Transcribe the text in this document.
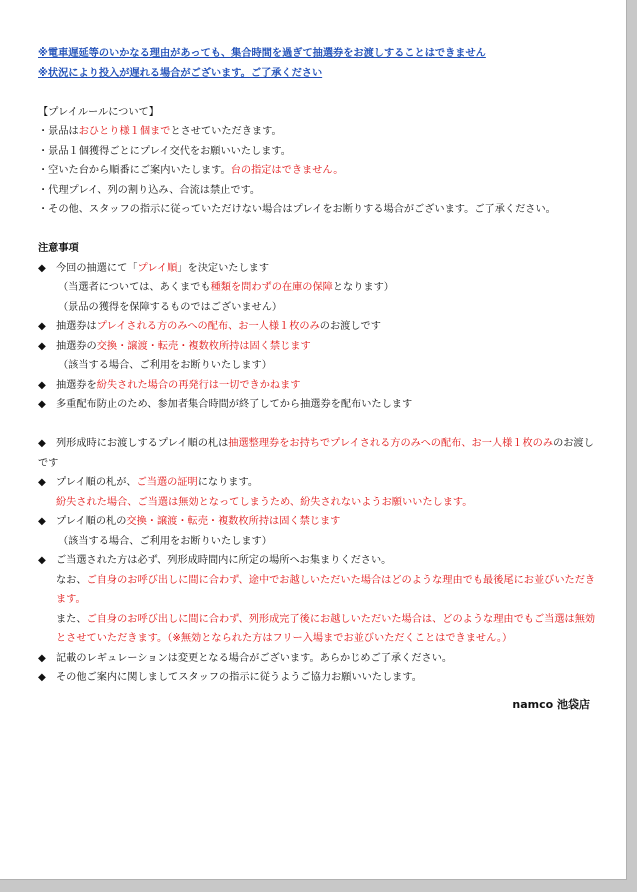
※電車遅延等のいかなる理由があっても、集合時間を過ぎて抽選券をお渡しすることはできません
※状況により投入が遅れる場合がございます。ご了承ください
【プレイルールについて】
・景品はおひとり様１個までとさせていただきます。
・景品１個獲得ごとにプレイ交代をお願いいたします。
・空いた台から順番にご案内いたします。台の指定はできません。
・代理プレイ、列の割り込み、合流は禁止です。
・その他、スタッフの指示に従っていただけない場合はプレイをお断りする場合がございます。ご了承ください。
注意事項
◆ 今回の抽選にて「プレイ順」を決定いたします
（当選者については、あくまでも種類を問わずの在庫の保障となります）
（景品の獲得を保障するものではございません）
◆ 抽選券はプレイされる方のみへの配布、お一人様１枚のみのお渡しです
◆ 抽選券の交換・譲渡・転売・複数枚所持は固く禁じます
（該当する場合、ご利用をお断りいたします）
◆ 抽選券を紛失された場合の再発行は一切できかねます
◆ 多重配布防止のため、参加者集合時間が終了してから抽選券を配布いたします
◆ 列形成時にお渡しするプレイ順の札は抽選整理券をお持ちでプレイされる方のみへの配布、お一人様１枚のみのお渡しです
◆ プレイ順の札が、ご当選の証明になります。
紛失された場合、ご当選は無効となってしまうため、紛失されないようお願いいたします。
◆ プレイ順の札の交換・譲渡・転売・複数枚所持は固く禁じます
（該当する場合、ご利用をお断りいたします）
◆ ご当選された方は必ず、列形成時間内に所定の場所へお集まりください。
なお、ご自身のお呼び出しに間に合わず、途中でお越しいただいた場合はどのような理由でも最後尾にお並びいただきます。
また、ご自身のお呼び出しに間に合わず、列形成完了後にお越しいただいた場合は、どのような理由でもご当選は無効とさせていただきます。（※無効となられた方はフリー入場までお並びいただくことはできません。）
◆ 記載のレギュレーションは変更となる場合がございます。あらかじめご了承ください。
◆ その他ご案内に関しましてスタッフの指示に従うようご協力お願いいたします。
namco 池袋店
